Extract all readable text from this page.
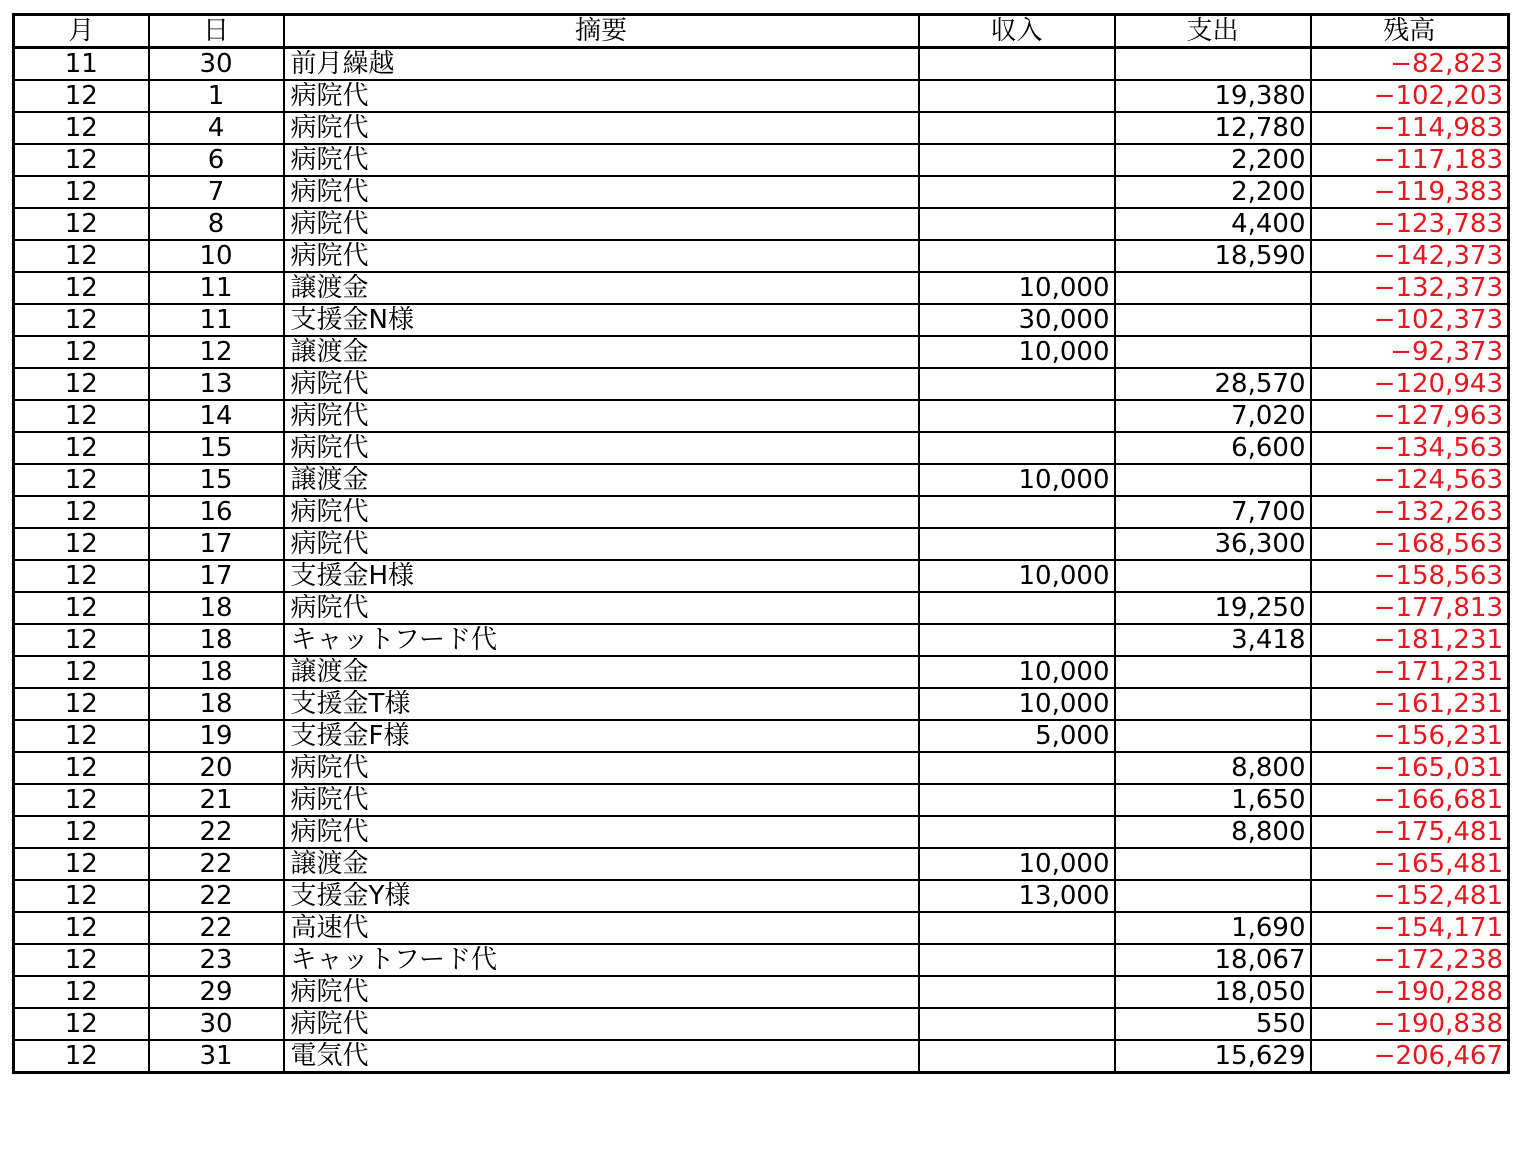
月	日	摘要	収入	支出	残高
11	30	前月繰越			−82,823
12	1	病院代		19,380	−102,203
12	4	病院代		12,780	−114,983
12	6	病院代		2,200	−117,183
12	7	病院代		2,200	−119,383
12	8	病院代		4,400	−123,783
12	10	病院代		18,590	−142,373
12	11	譲渡金	10,000		−132,373
12	11	支援金N様	30,000		−102,373
12	12	譲渡金	10,000		−92,373
12	13	病院代		28,570	−120,943
12	14	病院代		7,020	−127,963
12	15	病院代		6,600	−134,563
12	15	譲渡金	10,000		−124,563
12	16	病院代		7,700	−132,263
12	17	病院代		36,300	−168,563
12	17	支援金H様	10,000		−158,563
12	18	病院代		19,250	−177,813
12	18	キャットフード代		3,418	−181,231
12	18	譲渡金	10,000		−171,231
12	18	支援金T様	10,000		−161,231
12	19	支援金F様	5,000		−156,231
12	20	病院代		8,800	−165,031
12	21	病院代		1,650	−166,681
12	22	病院代		8,800	−175,481
12	22	譲渡金	10,000		−165,481
12	22	支援金Y様	13,000		−152,481
12	22	高速代		1,690	−154,171
12	23	キャットフード代		18,067	−172,238
12	29	病院代		18,050	−190,288
12	30	病院代		550	−190,838
12	31	電気代		15,629	−206,467
